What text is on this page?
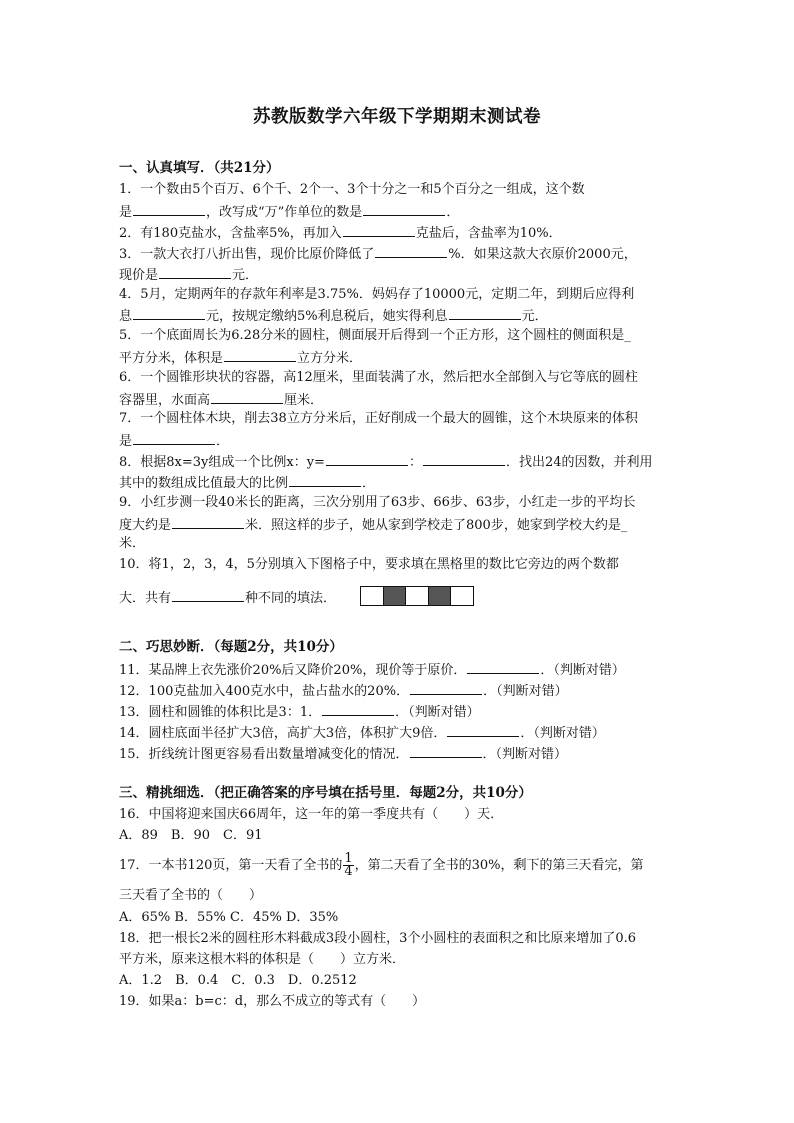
苏教版数学六年级下学期期末测试卷
一、认真填写．（共21分）
1．一个数由5个百万、6个千、2个一、3个十分之一和5个百分之一组成，这个数
是	，改写成“万”作单位的数是	．
2．有180克盐水，含盐率5%，再加入	克盐后，含盐率为10%．
3．一款大衣打八折出售，现价比原价降低了	%．如果这款大衣原价2000元，
现价是	元．
4．5月，定期两年的存款年利率是3.75%．妈妈存了10000元，定期二年，到期后应得利
息	元，按规定缴纳5%利息税后，她实得利息	元．
5．一个底面周长为6.28分米的圆柱，侧面展开后得到一个正方形，这个圆柱的侧面积是_
平方分米，体积是	立方分米．
6．一个圆锥形块状的容器，高12厘米，里面装满了水，然后把水全部倒入与它等底的圆柱
容器里，水面高	厘米．
7．一个圆柱体木块，削去38立方分米后，正好削成一个最大的圆锥，这个木块原来的体积
是	．
8．根据8x=3y组成一个比例x：y=	：	．找出24的因数，并利用
其中的数组成比值最大的比例	．
9．小红步测一段40米长的距离，三次分别用了63步、66步、63步，小红走一步的平均长
度大约是	米．照这样的步子，她从家到学校走了800步，她家到学校大约是_
米．
10．将1，2，3，4，5分别填入下图格子中，要求填在黑格里的数比它旁边的两个数都
大．共有	种不同的填法．
二、巧思妙断．（每题2分，共10分）
11．某品牌上衣先涨价20%后又降价20%，现价等于原价．	．（判断对错）
12．100克盐加入400克水中，盐占盐水的20%．	．（判断对错）
13．圆柱和圆锥的体积比是3：1．	．（判断对错）
14．圆柱底面半径扩大3倍，高扩大3倍，体积扩大9倍．	．（判断对错）
15．折线统计图更容易看出数量增减变化的情况．	．（判断对错）
三、精挑细选．（把正确答案的序号填在括号里．每题2分，共10分）
16．中国将迎来国庆66周年，这一年的第一季度共有（　　）天．
A．89　B．90　C．91
17．一本书120页，第一天看了全书的 $\frac{1}{4}$ ，第二天看了全书的30%，剩下的第三天看完，第
三天看了全书的（　　）
A．65% B．55% C．45% D．35%
18．把一根长2米的圆柱形木料截成3段小圆柱，3个小圆柱的表面积之和比原来增加了0.6
平方米，原来这根木料的体积是（　　）立方米．
A．1.2　B．0.4　C．0.3　D．0.2512
19．如果a：b=c：d，那么不成立的等式有（　　）
